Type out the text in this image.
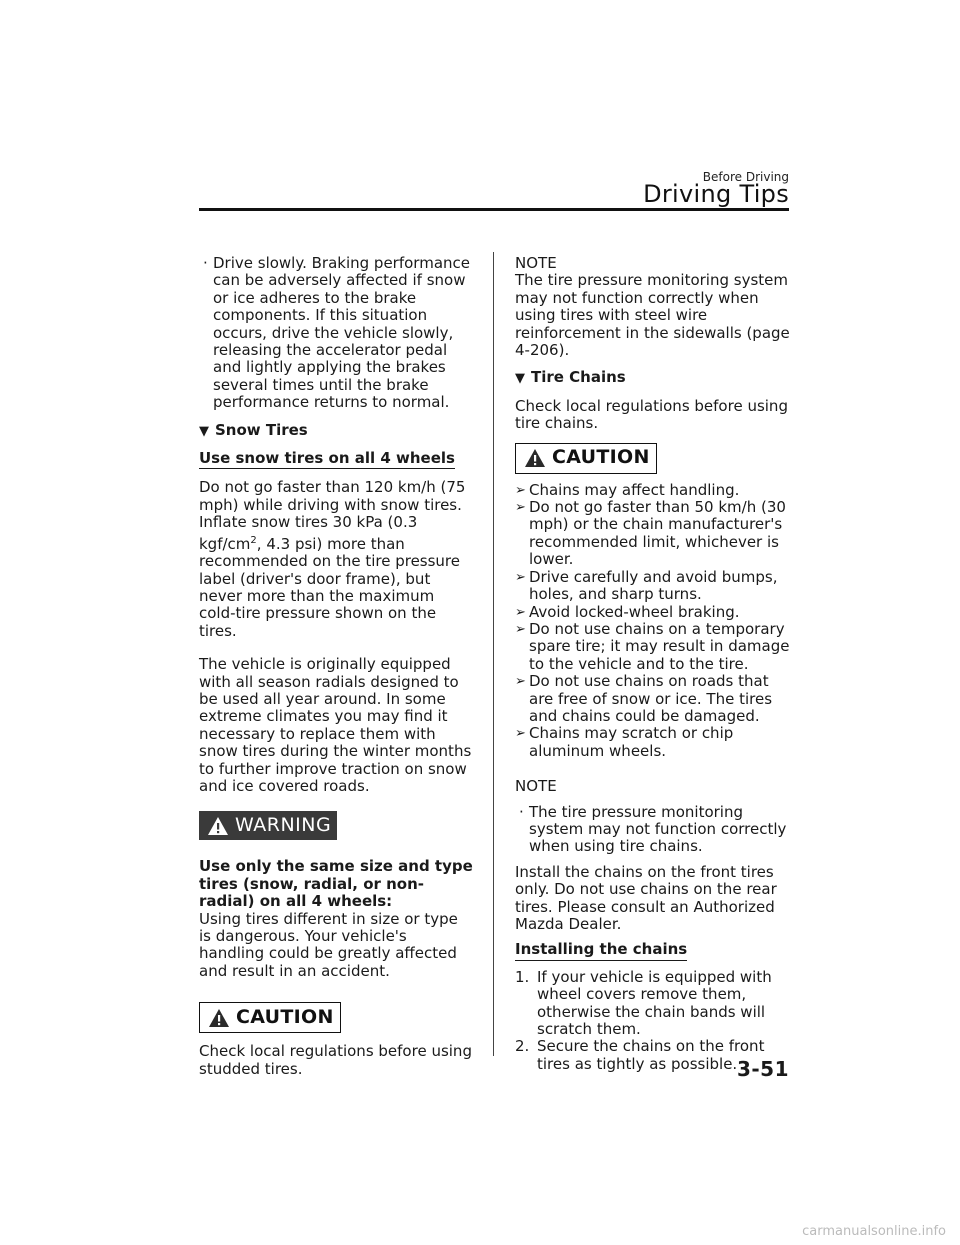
Before Driving
Driving Tips
· Drive slowly. Braking performance can be adversely affected if snow or ice adheres to the brake components. If this situation occurs, drive the vehicle slowly, releasing the accelerator pedal and lightly applying the brakes several times until the brake performance returns to normal.
▼ Snow Tires
Use snow tires on all 4 wheels

Do not go faster than 120 km/h (75 mph) while driving with snow tires. Inflate snow tires 30 kPa (0.3 kgf/$cm^2$, 4.3 psi) more than recommended on the tire pressure label (driver's door frame), but never more than the maximum cold-tire pressure shown on the tires.

The vehicle is originally equipped with all season radials designed to be used all year around. In some extreme climates you may find it necessary to replace them with snow tires during the winter months to further improve traction on snow and ice covered roads.

WARNING

Use only the same size and type tires (snow, radial, or non-radial) on all 4 wheels:

Using tires different in size or type is dangerous. Your vehicle's handling could be greatly affected and result in an accident.

CAUTION

Check local regulations before using studded tires.

NOTE

The tire pressure monitoring system may not function correctly when using tires with steel wire reinforcement in the sidewalls (page 4-206).

▼ Tire Chains

Check local regulations before using tire chains.

CAUTION
➢ Chains may affect handling.
➢ Do not go faster than 50 km/h (30 mph) or the chain manufacturer's recommended limit, whichever is lower.
➢ Drive carefully and avoid bumps, holes, and sharp turns.
➢ Avoid locked-wheel braking.
➢ Do not use chains on a temporary spare tire; it may result in damage to the vehicle and to the tire.
➢ Do not use chains on roads that are free of snow or ice. The tires and chains could be damaged.
➢ Chains may scratch or chip aluminum wheels.

NOTE

· The tire pressure monitoring system may not function correctly when using tire chains.

Install the chains on the front tires only. Do not use chains on the rear tires. Please consult an Authorized Mazda Dealer.

Installing the chains
1. If your vehicle is equipped with wheel covers remove them, otherwise the chain bands will scratch them.
2. Secure the chains on the front tires as tightly as possible. 3-51
carmanualsonline.info
